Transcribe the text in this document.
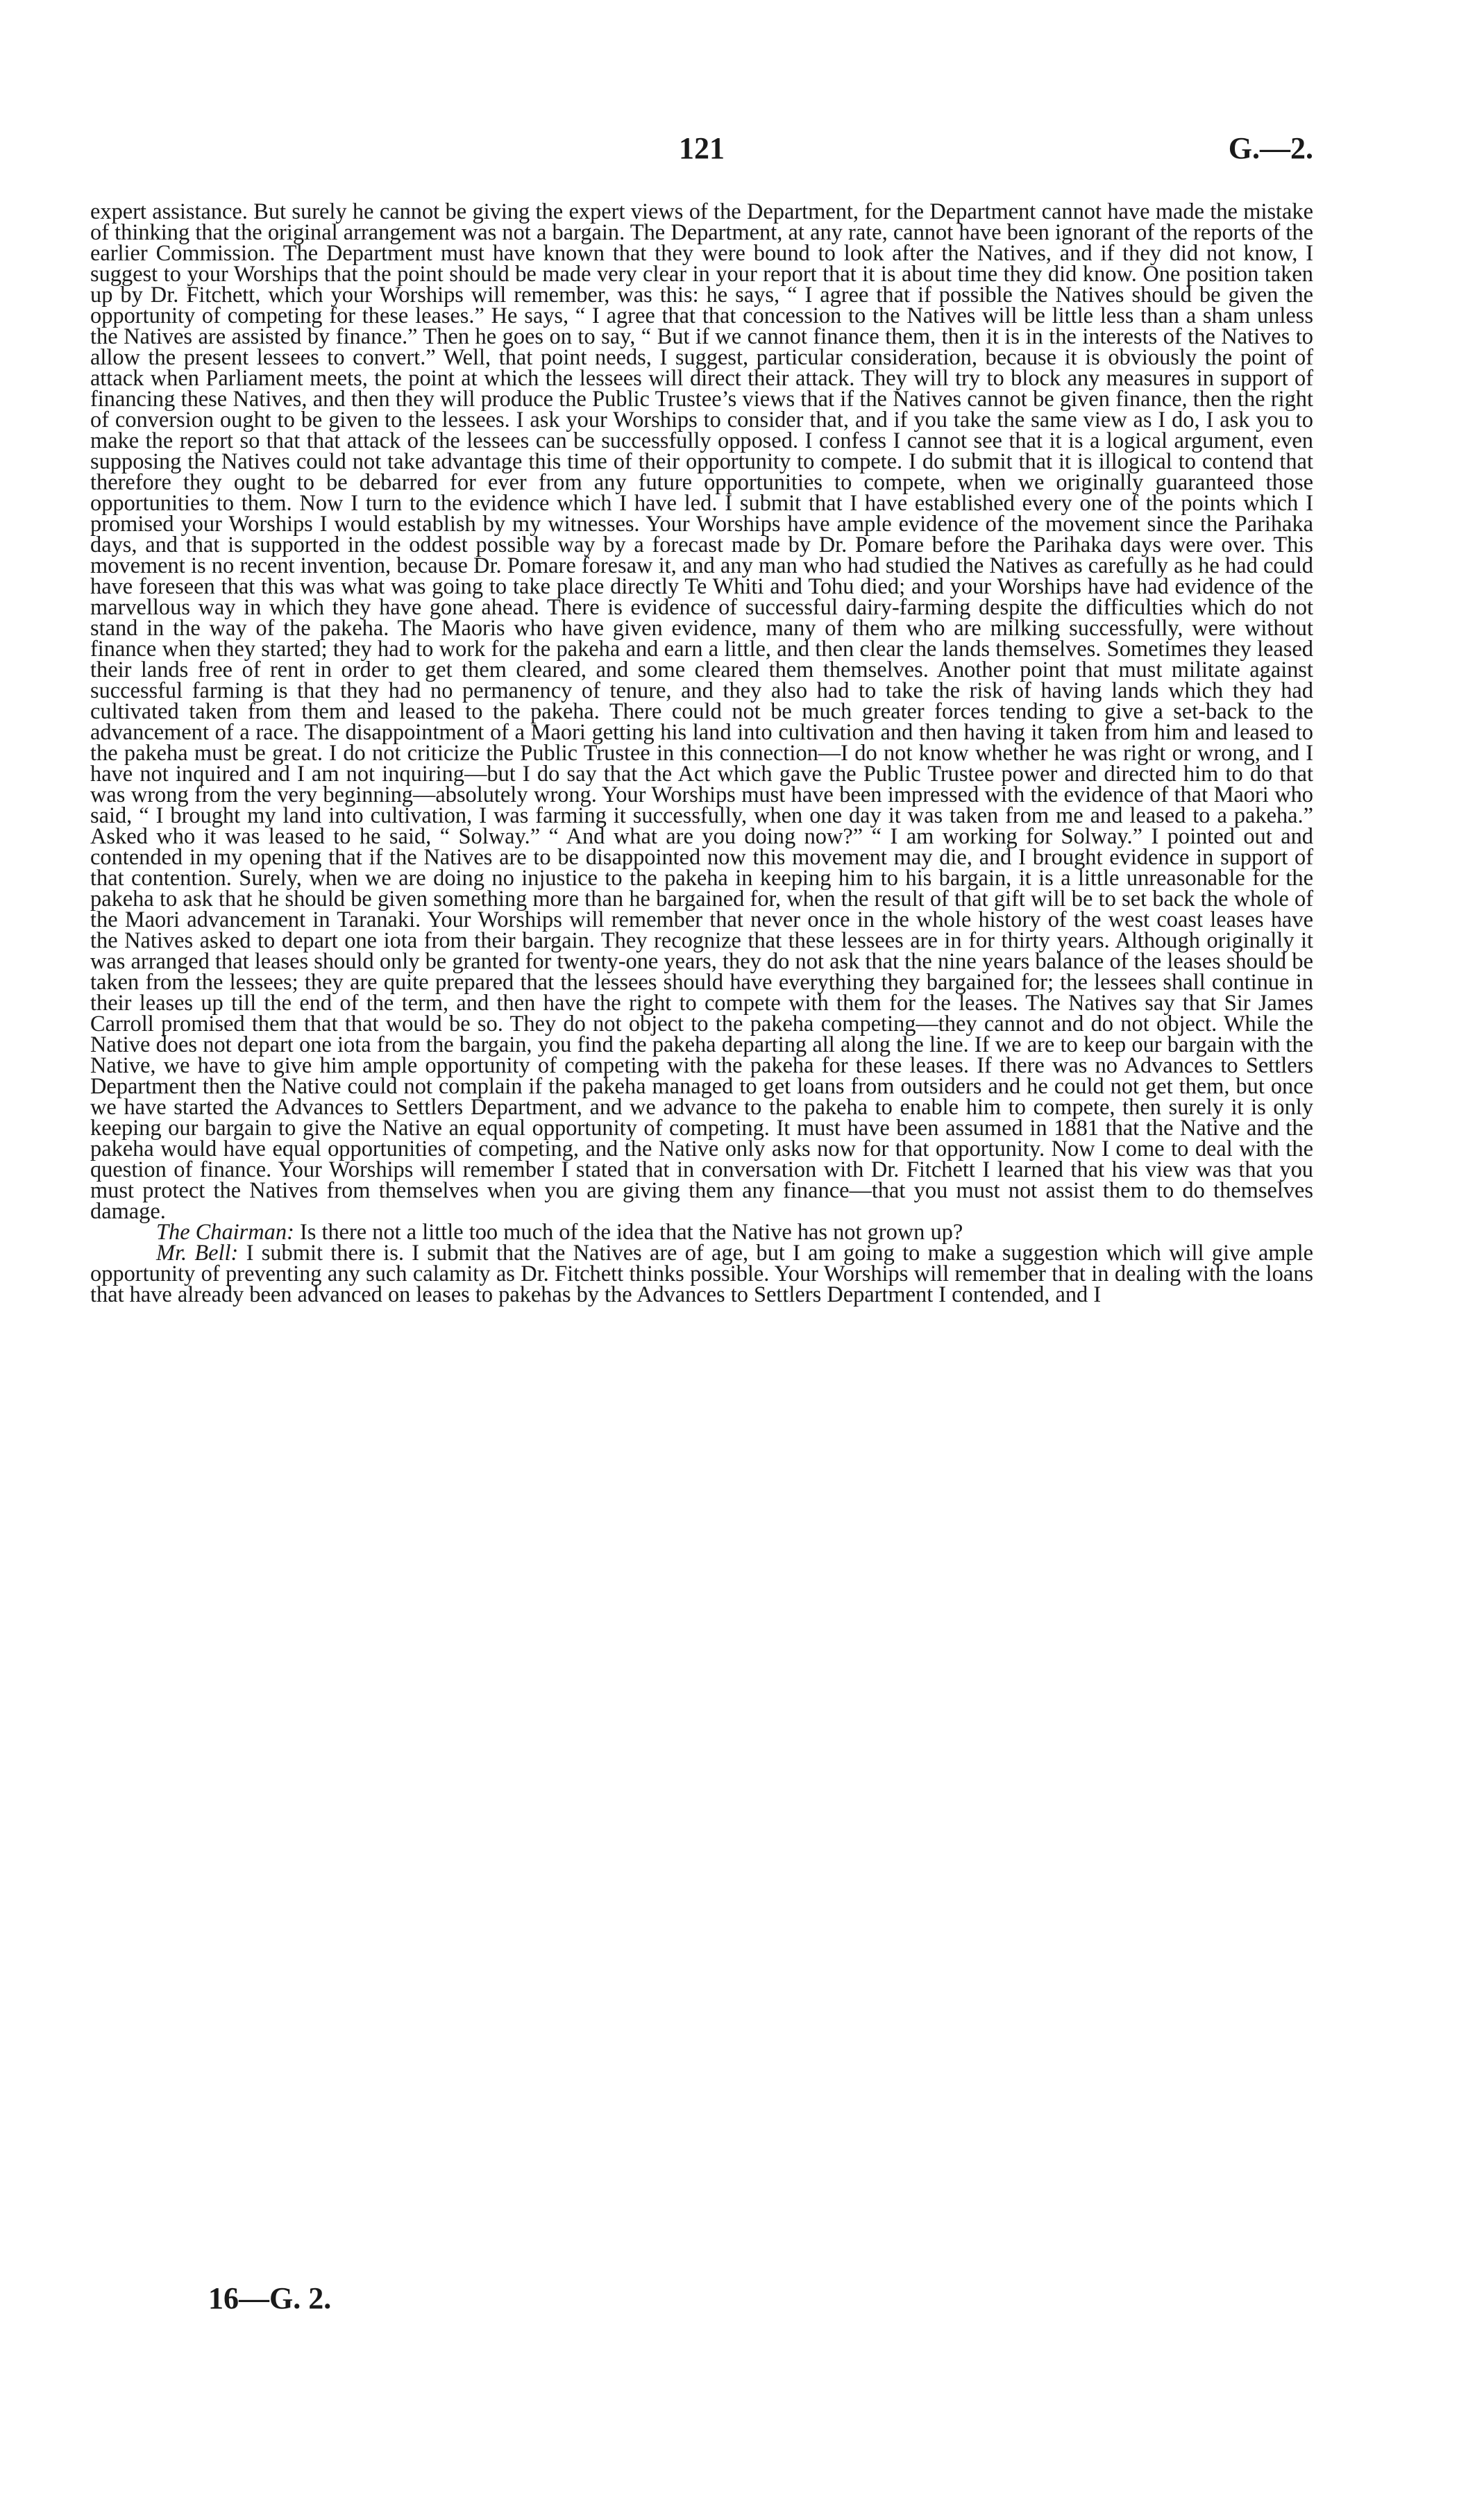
121	G.—2.

expert assistance. But surely he cannot be giving the expert views of the Department, for the Department cannot have made the mistake of thinking that the original arrangement was not a bargain. The Department, at any rate, cannot have been ignorant of the reports of the earlier Commission. The Department must have known that they were bound to look after the Natives, and if they did not know, I suggest to your Worships that the point should be made very clear in your report that it is about time they did know. One position taken up by Dr. Fitchett, which your Worships will remember, was this: he says, “ I agree that if possible the Natives should be given the opportunity of competing for these leases.” He says, “ I agree that that concession to the Natives will be little less than a sham unless the Natives are assisted by finance.” Then he goes on to say, “ But if we cannot finance them, then it is in the interests of the Natives to allow the present lessees to convert.” Well, that point needs, I suggest, particular consideration, because it is obviously the point of attack when Parliament meets, the point at which the lessees will direct their attack. They will try to block any measures in support of financing these Natives, and then they will produce the Public Trustee’s views that if the Natives cannot be given finance, then the right of conversion ought to be given to the lessees. I ask your Worships to consider that, and if you take the same view as I do, I ask you to make the report so that that attack of the lessees can be successfully opposed. I confess I cannot see that it is a logical argument, even supposing the Natives could not take advantage this time of their opportunity to compete. I do submit that it is illogical to contend that therefore they ought to be debarred for ever from any future opportunities to compete, when we originally guaranteed those opportunities to them. Now I turn to the evidence which I have led. I submit that I have established every one of the points which I promised your Worships I would establish by my witnesses. Your Worships have ample evidence of the movement since the Parihaka days, and that is supported in the oddest possible way by a forecast made by Dr. Pomare before the Parihaka days were over. This movement is no recent invention, because Dr. Pomare foresaw it, and any man who had studied the Natives as carefully as he had could have foreseen that this was what was going to take place directly Te Whiti and Tohu died; and your Worships have had evidence of the marvellous way in which they have gone ahead. There is evidence of successful dairy-farming despite the difficulties which do not stand in the way of the pakeha. The Maoris who have given evidence, many of them who are milking successfully, were without finance when they started; they had to work for the pakeha and earn a little, and then clear the lands themselves. Sometimes they leased their lands free of rent in order to get them cleared, and some cleared them themselves. Another point that must militate against successful farming is that they had no permanency of tenure, and they also had to take the risk of having lands which they had cultivated taken from them and leased to the pakeha. There could not be much greater forces tending to give a set-back to the advancement of a race. The disappointment of a Maori getting his land into cultivation and then having it taken from him and leased to the pakeha must be great. I do not criticize the Public Trustee in this connection—I do not know whether he was right or wrong, and I have not inquired and I am not inquiring—but I do say that the Act which gave the Public Trustee power and directed him to do that was wrong from the very beginning—absolutely wrong. Your Worships must have been impressed with the evidence of that Maori who said, “ I brought my land into cultivation, I was farming it successfully, when one day it was taken from me and leased to a pakeha.” Asked who it was leased to he said, “ Solway.” “ And what are you doing now?” “ I am working for Solway.” I pointed out and contended in my opening that if the Natives are to be disappointed now this movement may die, and I brought evidence in support of that contention. Surely, when we are doing no injustice to the pakeha in keeping him to his bargain, it is a little unreasonable for the pakeha to ask that he should be given something more than he bargained for, when the result of that gift will be to set back the whole of the Maori advancement in Taranaki. Your Worships will remember that never once in the whole history of the west coast leases have the Natives asked to depart one iota from their bargain. They recognize that these lessees are in for thirty years. Although originally it was arranged that leases should only be granted for twenty-one years, they do not ask that the nine years balance of the leases should be taken from the lessees; they are quite prepared that the lessees should have everything they bargained for; the lessees shall continue in their leases up till the end of the term, and then have the right to compete with them for the leases. The Natives say that Sir James Carroll promised them that that would be so. They do not object to the pakeha competing—they cannot and do not object. While the Native does not depart one iota from the bargain, you find the pakeha departing all along the line. If we are to keep our bargain with the Native, we have to give him ample opportunity of competing with the pakeha for these leases. If there was no Advances to Settlers Department then the Native could not complain if the pakeha managed to get loans from outsiders and he could not get them, but once we have started the Advances to Settlers Department, and we advance to the pakeha to enable him to compete, then surely it is only keeping our bargain to give the Native an equal opportunity of competing. It must have been assumed in 1881 that the Native and the pakeha would have equal opportunities of competing, and the Native only asks now for that opportunity. Now I come to deal with the question of finance. Your Worships will remember I stated that in conversation with Dr. Fitchett I learned that his view was that you must protect the Natives from themselves when you are giving them any finance—that you must not assist them to do themselves damage.

The Chairman: Is there not a little too much of the idea that the Native has not grown up?

Mr. Bell: I submit there is. I submit that the Natives are of age, but I am going to make a suggestion which will give ample opportunity of preventing any such calamity as Dr. Fitchett thinks possible. Your Worships will remember that in dealing with the loans that have already been advanced on leases to pakehas by the Advances to Settlers Department I contended, and I

16—G. 2.
